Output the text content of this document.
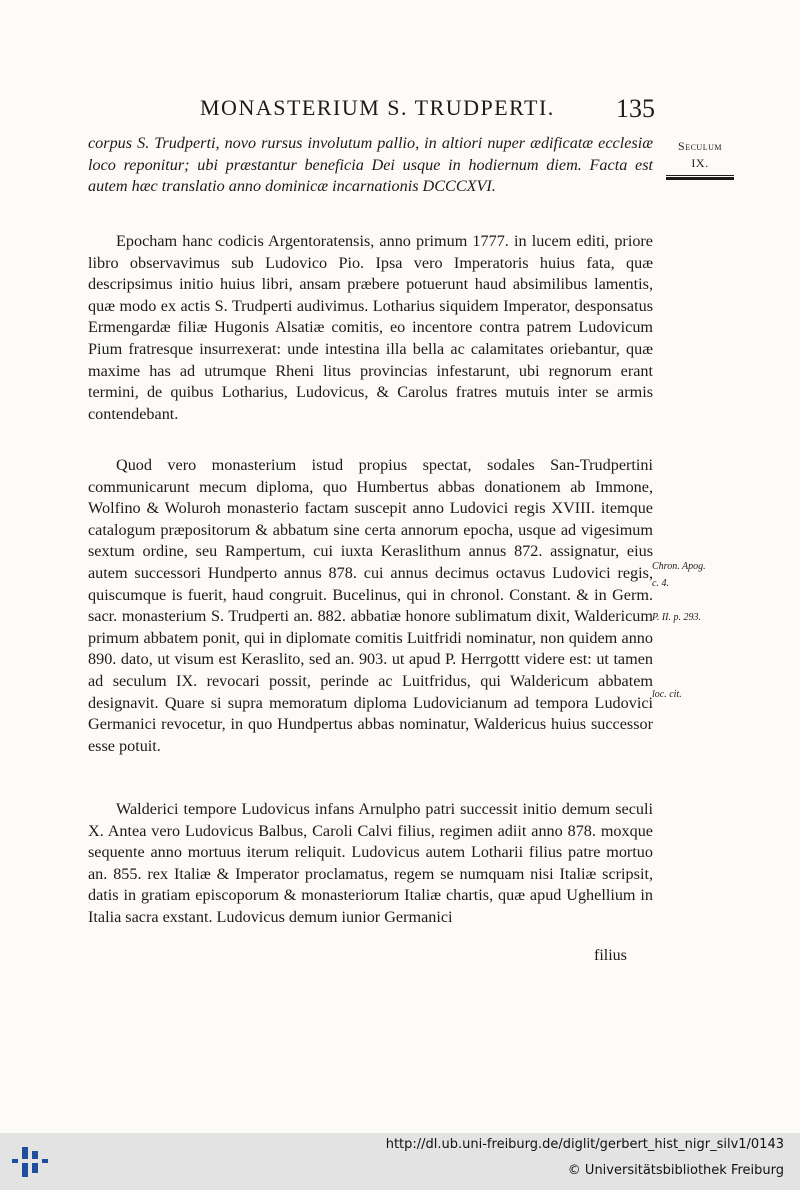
MONASTERIUM S. TRUDPERTI. 135
Seculum
IX.

corpus S. Trudperti, novo rursus involutum pallio, in altiori nuper ædificatæ ecclesiæ loco reponitur; ubi præstantur beneficia Dei usque in hodiernum diem. Facta est autem hæc translatio anno dominicæ incarnationis DCCCXVI.

Epocham hanc codicis Argentoratensis, anno primum 1777. in lucem editi, priore libro observavimus sub Ludovico Pio. Ipsa vero Imperatoris huius fata, quæ descripsimus initio huius libri, ansam præbere potuerunt haud absimilibus lamentis, quæ modo ex actis S. Trudperti audivimus. Lotharius siquidem Imperator, desponsatus Ermengardæ filiæ Hugonis Alsatiæ comitis, eo incentore contra patrem Ludovicum Pium fratresque insurrexerat: unde intestina illa bella ac calamitates oriebantur, quæ maxime has ad utrumque Rheni litus provincias infestarunt, ubi regnorum erant termini, de quibus Lotharius, Ludovicus, & Carolus fratres mutuis inter se armis contendebant.

Quod vero monasterium istud propius spectat, sodales San-Trudpertini communicarunt mecum diploma, quo Humbertus abbas donationem ab Immone, Wolfino & Woluroh monasterio factam suscepit anno Ludovici regis XVIII. itemque catalogum præpositorum & abbatum sine certa annorum epocha, usque ad vigesimum sextum ordine, seu Rampertum, cui iuxta Keraslithum annus 872. assignatur, eius autem successori Hundperto annus 878. cui annus decimus octavus Ludovici regis, quiscumque is fuerit, haud congruit. Bucelinus, qui in chronol. Constant. & in Germ. sacr. monasterium S. Trudperti an. 882. abbatiæ honore sublimatum dixit, Waldericum primum abbatem ponit, qui in diplomate comitis Luitfridi nominatur, non quidem anno 890. dato, ut visum est Keraslito, sed an. 903. ut apud P. Herrgottt videre est: ut tamen ad seculum IX. revocari possit, perinde ac Luitfridus, qui Waldericum abbatem designavit. Quare si supra memoratum diploma Ludovicianum ad tempora Ludovici Germanici revocetur, in quo Hundpertus abbas nominatur, Waldericus huius successor esse potuit.

Walderici tempore Ludovicus infans Arnulpho patri successit initio demum seculi X. Antea vero Ludovicus Balbus, Caroli Calvi filius, regimen adiit anno 878. moxque sequente anno mortuus iterum reliquit. Ludovicus autem Lotharii filius patre mortuo an. 855. rex Italiæ & Imperator proclamatus, regem se numquam nisi Italiæ scripsit, datis in gratiam episcoporum & monasteriorum Italiæ chartis, quæ apud Ughellium in Italia sacra exstant. Ludovicus demum iunior Germanici

filius
Chron. Apog.
c. 4.
P. II. p. 293.
loc. cit.
http://dl.ub.uni-freiburg.de/diglit/gerbert_hist_nigr_silv1/0143
© Universitätsbibliothek Freiburg
